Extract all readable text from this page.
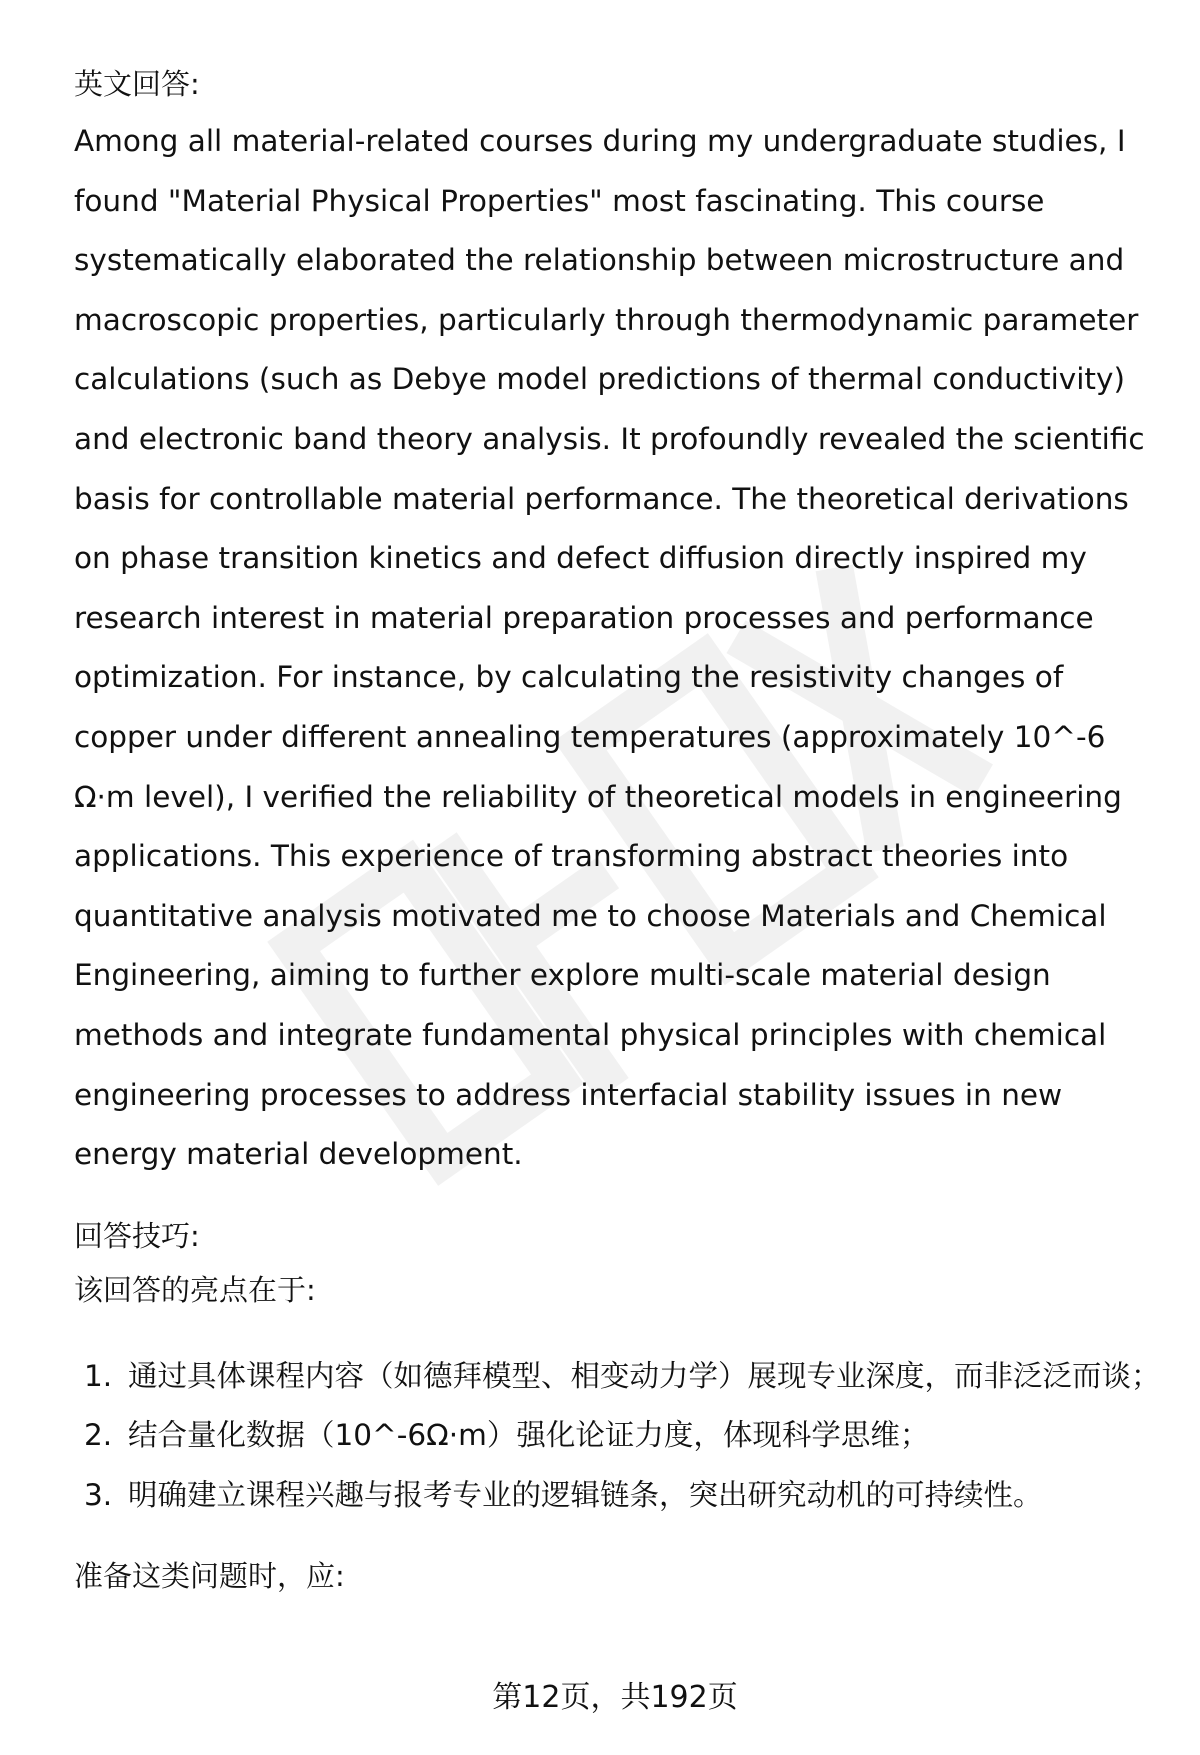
英文回答:

Among all material-related courses during my undergraduate studies, I found "Material Physical Properties" most fascinating. This course systematically elaborated the relationship between microstructure and macroscopic properties, particularly through thermodynamic parameter calculations (such as Debye model predictions of thermal conductivity) and electronic band theory analysis. It profoundly revealed the scientific basis for controllable material performance. The theoretical derivations on phase transition kinetics and defect diffusion directly inspired my research interest in material preparation processes and performance optimization. For instance, by calculating the resistivity changes of copper under different annealing temperatures (approximately 10^-6 Ω·m level), I verified the reliability of theoretical models in engineering applications. This experience of transforming abstract theories into quantitative analysis motivated me to choose Materials and Chemical Engineering, aiming to further explore multi-scale material design methods and integrate fundamental physical principles with chemical engineering processes to address interfacial stability issues in new energy material development.

回答技巧:

该回答的亮点在于:

1. 通过具体课程内容（如德拜模型、相变动力学）展现专业深度，而非泛泛而谈；
2. 结合量化数据（10^-6Ω·m）强化论证力度，体现科学思维；
3. 明确建立课程兴趣与报考专业的逻辑链条，突出研究动机的可持续性。

准备这类问题时，应:

第12页，共192页
